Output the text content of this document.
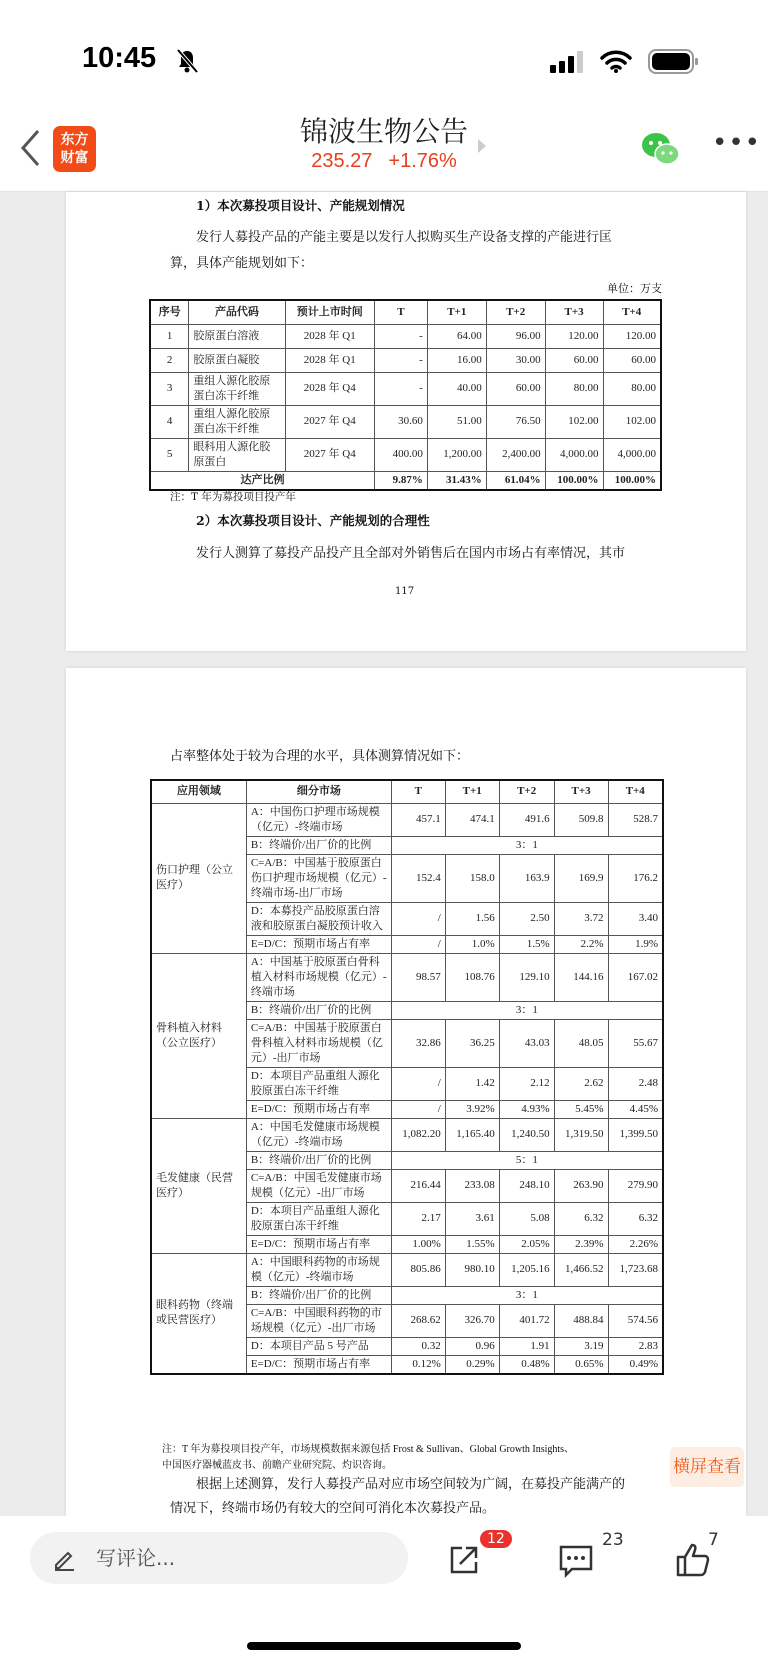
10:45
东方
财富
锦波生物公告
235.27 +1.76%
•••
1）本次募投项目设计、产能规划情况
发行人募投产品的产能主要是以发行人拟购买生产设备支撑的产能进行匡
算，具体产能规划如下：
单位：万支
序号	产品代码	预计上市时间	T	T+1	T+2	T+3	T+4
1	胶原蛋白溶液	2028 年 Q1	-	64.00	96.00	120.00	120.00
2	胶原蛋白凝胶	2028 年 Q1	-	16.00	30.00	60.00	60.00
3	重组人源化胶原蛋白冻干纤维	2028 年 Q4	-	40.00	60.00	80.00	80.00
4	重组人源化胶原蛋白冻干纤维	2027 年 Q4	30.60	51.00	76.50	102.00	102.00
5	眼科用人源化胶原蛋白	2027 年 Q4	400.00	1,200.00	2,400.00	4,000.00	4,000.00
达产比例			9.87%	31.43%	61.04%	100.00%	100.00%
注：T 年为募投项目投产年
2）本次募投项目设计、产能规划的合理性
发行人测算了募投产品投产且全部对外销售后在国内市场占有率情况，其市
117
占率整体处于较为合理的水平，具体测算情况如下：
应用领域	细分市场	T	T+1	T+2	T+3	T+4
伤口护理（公立医疗）	A：中国伤口护理市场规模（亿元）-终端市场	457.1	474.1	491.6	509.8	528.7
	B：终端价/出厂价的比例	3：1				
	C=A/B：中国基于胶原蛋白伤口护理市场规模（亿元）-终端市场-出厂市场	152.4	158.0	163.9	169.9	176.2
	D：本募投产品胶原蛋白溶液和胶原蛋白凝胶预计收入	/	1.56	2.50	3.72	3.40
	E=D/C：预期市场占有率	/	1.0%	1.5%	2.2%	1.9%
骨科植入材料（公立医疗）	A：中国基于胶原蛋白骨科植入材料市场规模（亿元）-终端市场	98.57	108.76	129.10	144.16	167.02
	B：终端价/出厂价的比例	3：1				
	C=A/B：中国基于胶原蛋白骨科植入材料市场规模（亿元）-出厂市场	32.86	36.25	43.03	48.05	55.67
	D：本项目产品重组人源化胶原蛋白冻干纤维	/	1.42	2.12	2.62	2.48
	E=D/C：预期市场占有率	/	3.92%	4.93%	5.45%	4.45%
毛发健康（民营医疗）	A：中国毛发健康市场规模（亿元）-终端市场	1,082.20	1,165.40	1,240.50	1,319.50	1,399.50
	B：终端价/出厂价的比例	5：1				
	C=A/B：中国毛发健康市场规模（亿元）-出厂市场	216.44	233.08	248.10	263.90	279.90
	D：本项目产品重组人源化胶原蛋白冻干纤维	2.17	3.61	5.08	6.32	6.32
	E=D/C：预期市场占有率	1.00%	1.55%	2.05%	2.39%	2.26%
眼科药物（终端或民营医疗）	A：中国眼科药物的市场规模（亿元）-终端市场	805.86	980.10	1,205.16	1,466.52	1,723.68
	B：终端价/出厂价的比例	3：1				
	C=A/B：中国眼科药物的市场规模（亿元）-出厂市场	268.62	326.70	401.72	488.84	574.56
	D：本项目产品 5 号产品	0.32	0.96	1.91	3.19	2.83
	E=D/C：预期市场占有率	0.12%	0.29%	0.48%	0.65%	0.49%
注：T 年为募投项目投产年，市场规模数据来源包括 Frost & Sullivan、Global Growth Insights、
中国医疗器械蓝皮书、前瞻产业研究院、灼识咨询。
根据上述测算，发行人募投产品对应市场空间较为广阔，在募投产能满产的
情况下，终端市场仍有较大的空间可消化本次募投产品。
横屏查看
写评论...
12	23	7
